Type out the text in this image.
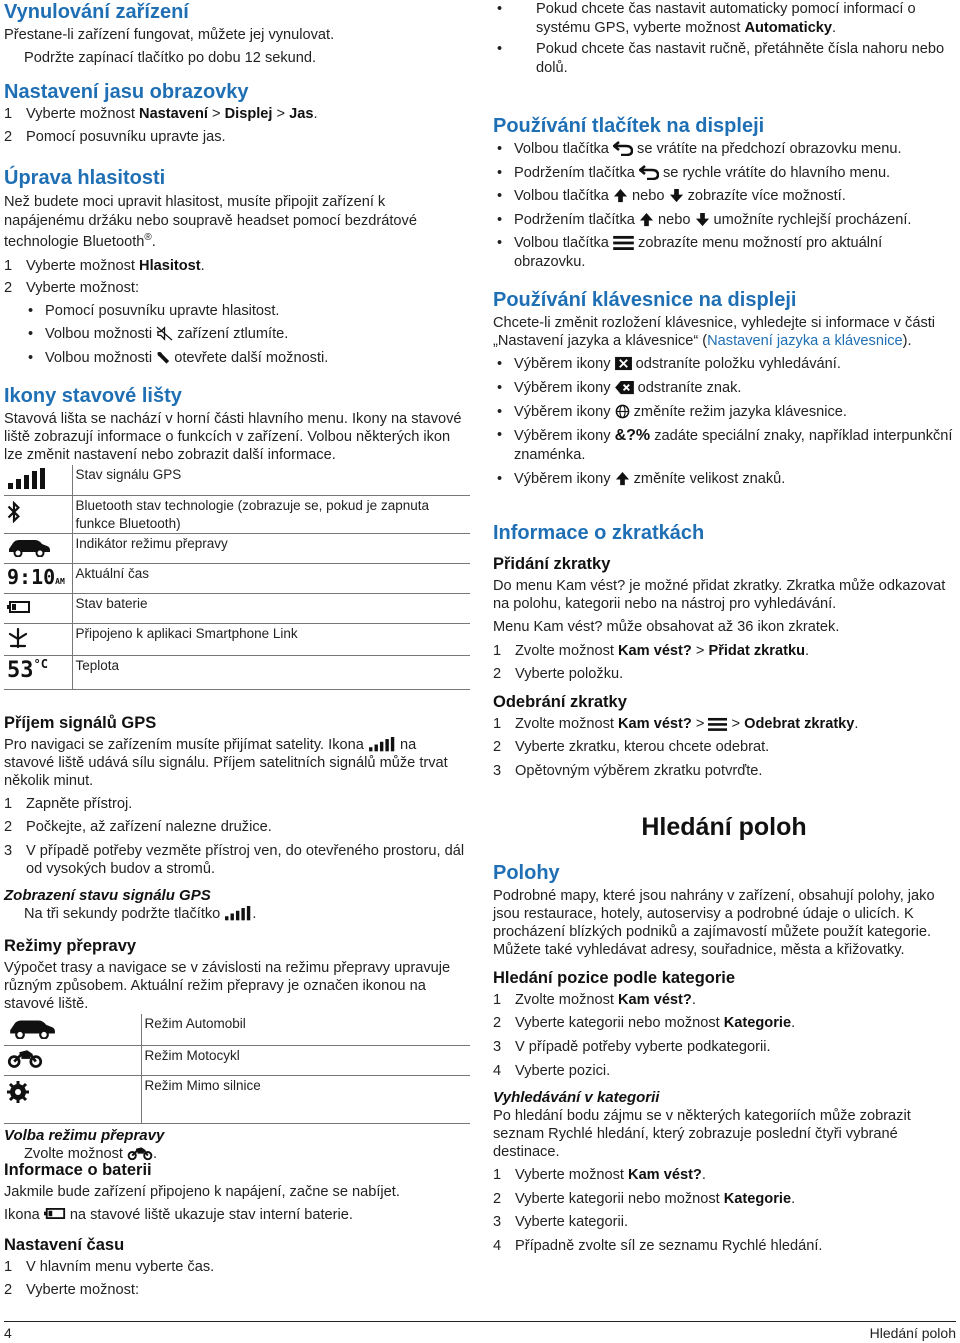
Vynulování zařízení

Přestane-li zařízení fungovat, můžete jej vynulovat.

Podržte zapínací tlačítko po dobu 12 sekund.

Nastavení jasu obrazovky
1 Vyberte možnost Nastavení > Displej > Jas.
2 Pomocí posuvníku upravte jas.
Úprava hlasitosti

Než budete moci upravit hlasitost, musíte připojit zařízení k napájenému držáku nebo soupravě headset pomocí bezdrátové technologie Bluetooth®.

1 Vyberte možnost Hlasitost.
2 Vyberte možnost:
• Pomocí posuvníku upravte hlasitost.
• Volbou možnosti  zařízení ztlumíte.
• Volbou možnosti  otevřete další možnosti.
Ikony stavové lišty

Stavová lišta se nachází v horní části hlavního menu. Ikony na stavové liště zobrazují informace o funkcích v zařízení. Volbou některých ikon lze změnit nastavení nebo zobrazit další informace.

	Stav signálu GPS
	Bluetooth stav technologie (zobrazuje se, pokud je zapnuta funkce Bluetooth)
	Indikátor režimu přepravy
9:10AM	Aktuální čas
	Stav baterie
	Připojeno k aplikaci Smartphone Link
$53^{^\circ C}$	Teplota
Příjem signálů GPS

Pro navigaci se zařízením musíte přijímat satelity. Ikona  na stavové liště udává sílu signálu. Příjem satelitních signálů může trvat několik minut.

1 Zapněte přístroj.
2 Počkejte, až zařízení nalezne družice.
3 V případě potřeby vezměte přístroj ven, do otevřeného prostoru, dál od vysokých budov a stromů.
Zobrazení stavu signálu GPS

Na tři sekundy podržte tlačítko .

Režimy přepravy

Výpočet trasy a navigace se v závislosti na režimu přepravy upravuje různým způsobem. Aktuální režim přepravy je označen ikonou na stavové liště.

	Režim Automobil
	Režim Motocykl
	Režim Mimo silnice
Volba režimu přepravy

Zvolte možnost .

Informace o baterii

Jakmile bude zařízení připojeno k napájení, začne se nabíjet.

Ikona  na stavové liště ukazuje stav interní baterie.

Nastavení času
1 V hlavním menu vyberte čas.
2 Vyberte možnost:
• Pokud chcete čas nastavit automaticky pomocí informací o systému GPS, vyberte možnost Automaticky.
• Pokud chcete čas nastavit ručně, přetáhněte čísla nahoru nebo dolů.
Používání tlačítek na displeji
• Volbou tlačítka  se vrátíte na předchozí obrazovku menu.
• Podržením tlačítka  se rychle vrátíte do hlavního menu.
• Volbou tlačítka  nebo  zobrazíte více možností.
• Podržením tlačítka  nebo  umožníte rychlejší procházení.
• Volbou tlačítka  zobrazíte menu možností pro aktuální obrazovku.
Používání klávesnice na displeji

Chcete-li změnit rozložení klávesnice, vyhledejte si informace v části „Nastavení jazyka a klávesnice“ (Nastavení jazyka a klávesnice).

• Výběrem ikony  odstraníte položku vyhledávání.
• Výběrem ikony  odstraníte znak.
• Výběrem ikony  změníte režim jazyka klávesnice.
• Výběrem ikony &?% zadáte speciální znaky, například interpunkční znaménka.
• Výběrem ikony  změníte velikost znaků.
Informace o zkratkách
Přidání zkratky

Do menu Kam vést? je možné přidat zkratky. Zkratka může odkazovat na polohu, kategorii nebo na nástroj pro vyhledávání.

Menu Kam vést? může obsahovat až 36 ikon zkratek.

1 Zvolte možnost Kam vést? > Přidat zkratku.
2 Vyberte položku.
Odebrání zkratky
1 Zvolte možnost Kam vést? >  > Odebrat zkratky.
2 Vyberte zkratku, kterou chcete odebrat.
3 Opětovným výběrem zkratku potvrďte.
Hledání poloh
Polohy

Podrobné mapy, které jsou nahrány v zařízení, obsahují polohy, jako jsou restaurace, hotely, autoservisy a podrobné údaje o ulicích. K procházení blízkých podniků a zajímavostí můžete použít kategorie. Můžete také vyhledávat adresy, souřadnice, města a křižovatky.

Hledání pozice podle kategorie
1 Zvolte možnost Kam vést?.
2 Vyberte kategorii nebo možnost Kategorie.
3 V případě potřeby vyberte podkategorii.
4 Vyberte pozici.
Vyhledávání v kategorii

Po hledání bodu zájmu se v některých kategoriích může zobrazit seznam Rychlé hledání, který zobrazuje poslední čtyři vybrané destinace.

1 Vyberte možnost Kam vést?.
2 Vyberte kategorii nebo možnost Kategorie.
3 Vyberte kategorii.
4 Případně zvolte síl ze seznamu Rychlé hledání.
4	Hledání poloh
